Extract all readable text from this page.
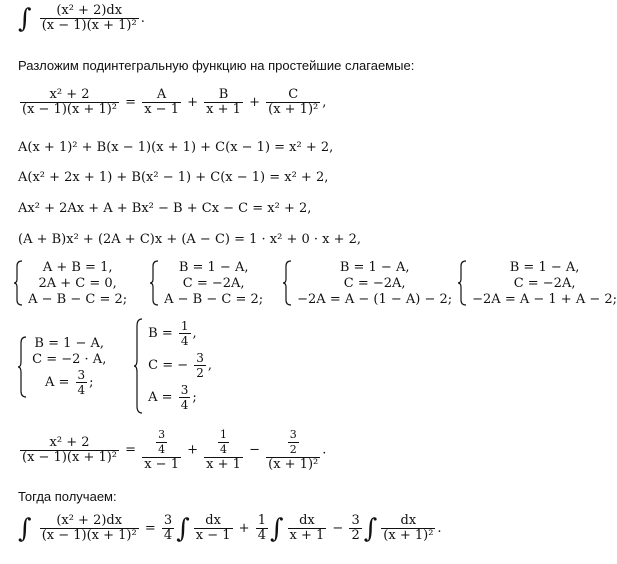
∫ $\frac{\text{(x² + 2)dx}}{\text{(x − 1)(x + 1)²}}$ .
Разложим подинтегральную функцию на простейшие слагаемые:
$\frac{\text{x² + 2}}{\text{(x − 1)(x + 1)²}} = \frac{A}{x - 1} + \frac{B}{x + 1} + \frac{C}{\text{(x + 1)²}}$ ,
A(x + 1)² + B(x − 1)(x + 1) + C(x − 1) = x² + 2,
A(x² + 2x + 1) + B(x² − 1) + C(x − 1) = x² + 2,
Ax² + 2Ax + A + Bx² − B + Cx − C = x² + 2,
(A + B)x² + (2A + C)x + (A − C) = 1 · x² + 0 · x + 2,

A + B = 1,
2A + C = 0,
A − B − C = 2;

B = 1 − A,
C = −2A,
A − B − C = 2;

B = 1 − A,
C = −2A,
−2A = A − (1 − A) − 2;

B = 1 − A,
C = −2A,
−2A = A − 1 + A − 2;

B = 1 − A,
C = −2 · A,
$A = \frac{3}{4}$ ;

$B = \frac{1}{4}$ ,
C = − $\frac{3}{2}$ ,
$A = \frac{3}{4}$ ;
$\frac{\text{x² + 2}}{\text{(x − 1)(x + 1)²}} = \frac{\frac{3}{4}}{x - 1} + \frac{\frac{1}{4}}{x + 1} - \frac{\frac{3}{2}}{\text{(x + 1)²}}$ .
Тогда получаем:
∫ $\frac{\text{(x² + 2)dx}}{\text{(x − 1)(x + 1)²}} = \frac{3}{4}$ ∫ $\frac{dx}{x - 1} + \frac{1}{4}$ ∫ $\frac{dx}{x + 1} - \frac{3}{2}$ ∫ $\frac{dx}{\text{(x + 1)²}}$ .
